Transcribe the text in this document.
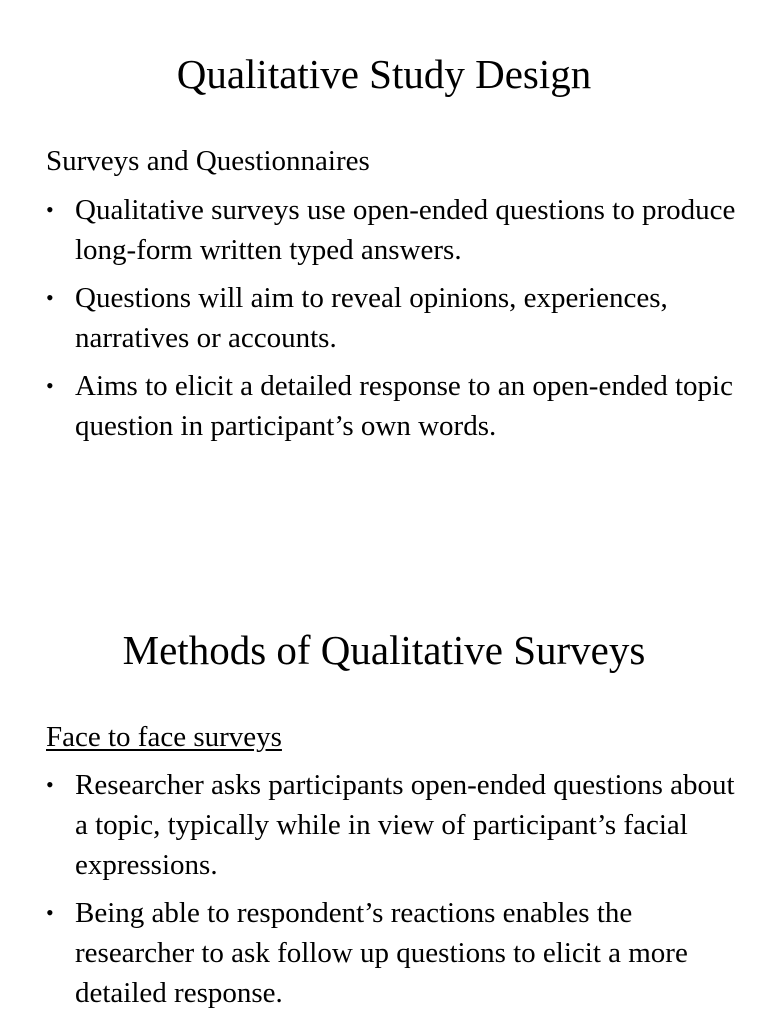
Qualitative Study Design

Surveys and Questionnaires

• Qualitative surveys use open-ended questions to produce long-form written typed answers.
• Questions will aim to reveal opinions, experiences, narratives or accounts.
• Aims to elicit a detailed response to an open-ended topic question in participant’s own words.
Methods of Qualitative Surveys

Face to face surveys

• Researcher asks participants open-ended questions about a topic, typically while in view of participant’s facial expressions.
• Being able to respondent’s reactions enables the researcher to ask follow up questions to elicit a more detailed response.
